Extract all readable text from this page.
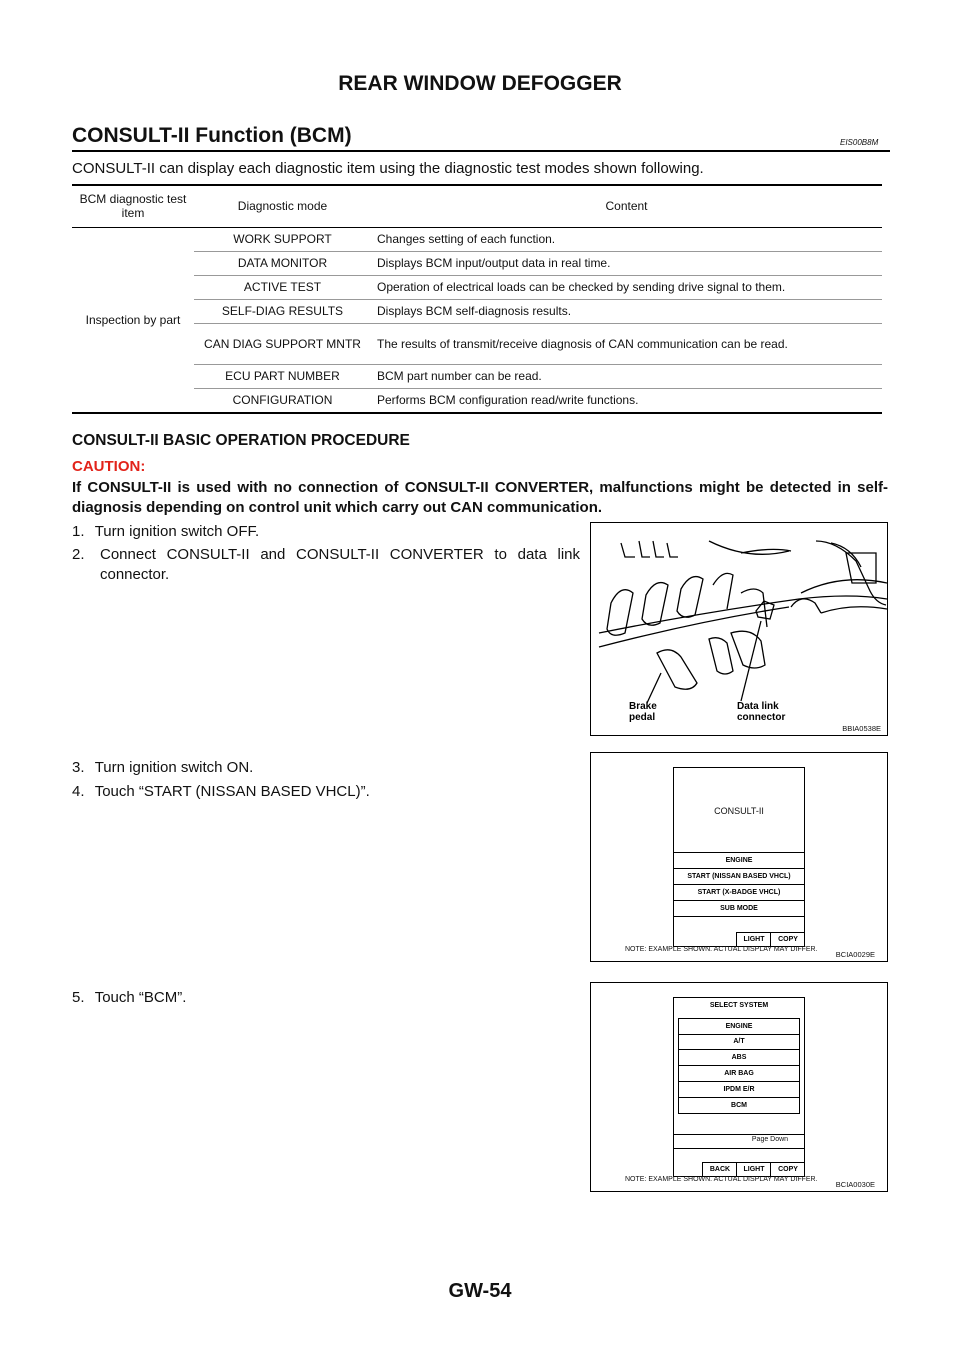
REAR WINDOW DEFOGGER
CONSULT-II Function (BCM)	EIS00B8M
CONSULT-II can display each diagnostic item using the diagnostic test modes shown following.
BCM diagnostic test item	Diagnostic mode	Content
Inspection by part	WORK SUPPORT	Changes setting of each function.
	DATA MONITOR	Displays BCM input/output data in real time.
	ACTIVE TEST	Operation of electrical loads can be checked by sending drive signal to them.
	SELF-DIAG RESULTS	Displays BCM self-diagnosis results.
	CAN DIAG SUPPORT MNTR	The results of transmit/receive diagnosis of CAN communication can be read.
	ECU PART NUMBER	BCM part number can be read.
	CONFIGURATION	Performs BCM configuration read/write functions.
CONSULT-II BASIC OPERATION PROCEDURE
CAUTION:
If CONSULT-II is used with no connection of CONSULT-II CONVERTER, malfunctions might be detected in self-diagnosis depending on control unit which carry out CAN communication.
1. Turn ignition switch OFF.
2.	Connect CONSULT-II and CONSULT-II CONVERTER to data link connector.
3. Turn ignition switch ON.
4. Touch “START (NISSAN BASED VHCL)”.
5. Touch “BCM”.
Brake pedal
Data link connector
BBIA0538E
CONSULT-II
ENGINE
START (NISSAN BASED VHCL)
START (X-BADGE VHCL)
SUB MODE
LIGHT	COPY
NOTE: EXAMPLE SHOWN. ACTUAL DISPLAY MAY DIFFER.
BCIA0029E
SELECT SYSTEM
ENGINE
A/T
ABS
AIR BAG
IPDM E/R
BCM
Page Down
BACK	LIGHT	COPY
NOTE: EXAMPLE SHOWN. ACTUAL DISPLAY MAY DIFFER.
BCIA0030E
GW-54
